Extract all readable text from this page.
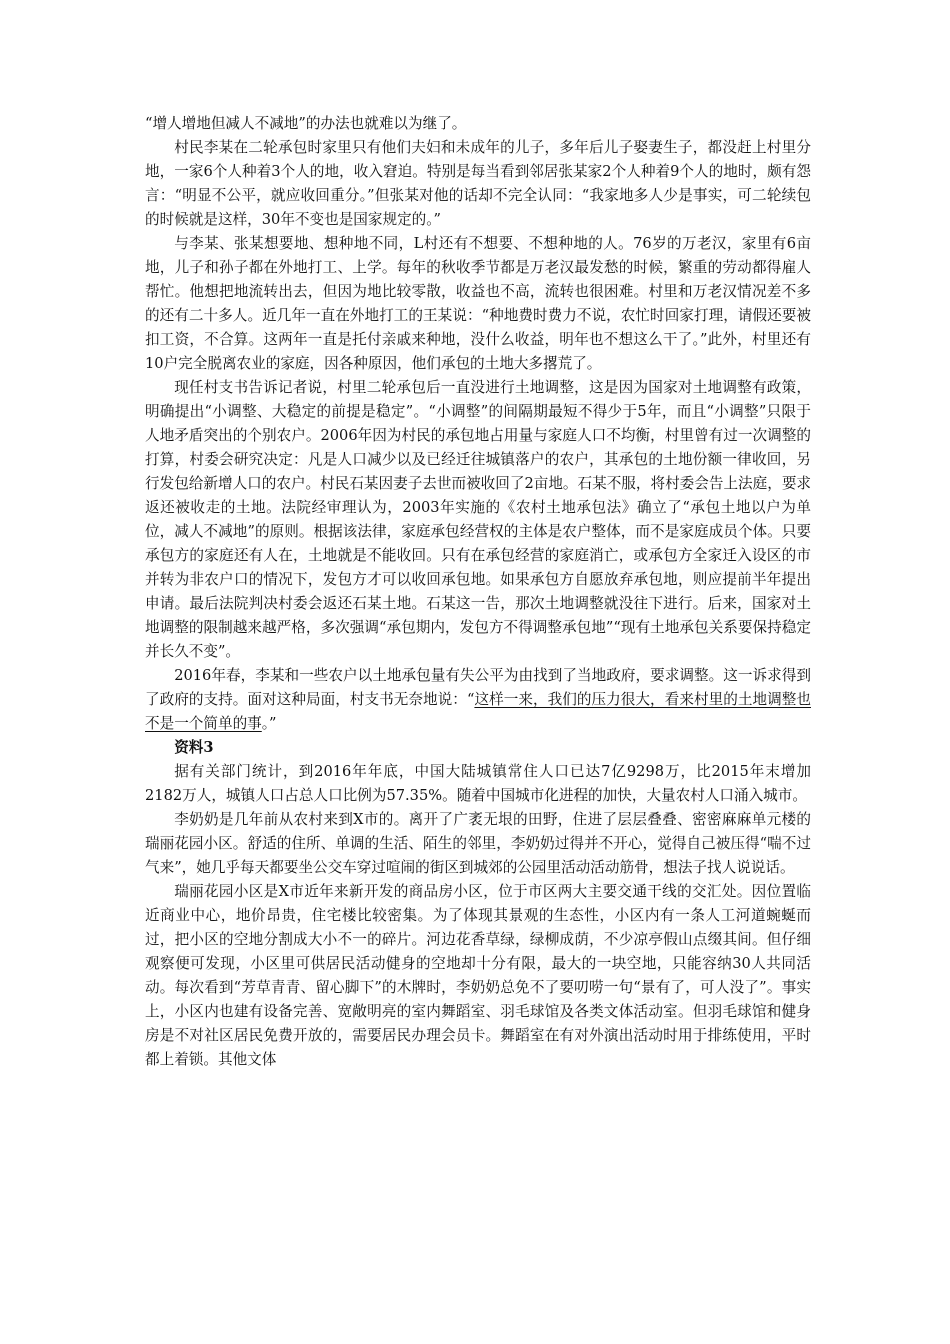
“增人增地但减人不减地”的办法也就难以为继了。

村民李某在二轮承包时家里只有他们夫妇和未成年的儿子，多年后儿子娶妻生子，都没赶上村里分地，一家6个人种着3个人的地，收入窘迫。特别是每当看到邻居张某家2个人种着9个人的地时，颇有怨言：“明显不公平，就应收回重分。”但张某对他的话却不完全认同：“我家地多人少是事实，可二轮续包的时候就是这样，30年不变也是国家规定的。”

与李某、张某想要地、想种地不同，L村还有不想要、不想种地的人。76岁的万老汉，家里有6亩地，儿子和孙子都在外地打工、上学。每年的秋收季节都是万老汉最发愁的时候，繁重的劳动都得雇人帮忙。他想把地流转出去，但因为地比较零散，收益也不高，流转也很困难。村里和万老汉情况差不多的还有二十多人。近几年一直在外地打工的王某说：“种地费时费力不说，农忙时回家打理，请假还要被扣工资，不合算。这两年一直是托付亲戚来种地，没什么收益，明年也不想这么干了。”此外，村里还有10户完全脱离农业的家庭，因各种原因，他们承包的土地大多撂荒了。

现任村支书告诉记者说，村里二轮承包后一直没进行土地调整，这是因为国家对土地调整有政策，明确提出“小调整、大稳定的前提是稳定”。“小调整”的间隔期最短不得少于5年，而且“小调整”只限于人地矛盾突出的个别农户。2006年因为村民的承包地占用量与家庭人口不均衡，村里曾有过一次调整的打算，村委会研究决定：凡是人口减少以及已经迁往城镇落户的农户，其承包的土地份额一律收回，另行发包给新增人口的农户。村民石某因妻子去世而被收回了2亩地。石某不服，将村委会告上法庭，要求返还被收走的土地。法院经审理认为，2003年实施的《农村土地承包法》确立了“承包土地以户为单位，减人不减地”的原则。根据该法律，家庭承包经营权的主体是农户整体，而不是家庭成员个体。只要承包方的家庭还有人在，土地就是不能收回。只有在承包经营的家庭消亡，或承包方全家迁入设区的市并转为非农户口的情况下，发包方才可以收回承包地。如果承包方自愿放弃承包地，则应提前半年提出申请。最后法院判决村委会返还石某土地。石某这一告，那次土地调整就没往下进行。后来，国家对土地调整的限制越来越严格，多次强调“承包期内，发包方不得调整承包地”“现有土地承包关系要保持稳定并长久不变”。

2016年春，李某和一些农户以土地承包量有失公平为由找到了当地政府，要求调整。这一诉求得到了政府的支持。面对这种局面，村支书无奈地说：“这样一来，我们的压力很大，看来村里的土地调整也不是一个简单的事。”

资料3

据有关部门统计，到2016年年底，中国大陆城镇常住人口已达7亿9298万，比2015年末增加2182万人，城镇人口占总人口比例为57.35%。随着中国城市化进程的加快，大量农村人口涌入城市。

李奶奶是几年前从农村来到X市的。离开了广袤无垠的田野，住进了层层叠叠、密密麻麻单元楼的瑞丽花园小区。舒适的住所、单调的生活、陌生的邻里，李奶奶过得并不开心，觉得自己被压得“喘不过气来”，她几乎每天都要坐公交车穿过喧闹的街区到城郊的公园里活动活动筋骨，想法子找人说说话。

瑞丽花园小区是X市近年来新开发的商品房小区，位于市区两大主要交通干线的交汇处。因位置临近商业中心，地价昂贵，住宅楼比较密集。为了体现其景观的生态性，小区内有一条人工河道蜿蜒而过，把小区的空地分割成大小不一的碎片。河边花香草绿，绿柳成荫，不少凉亭假山点缀其间。但仔细观察便可发现，小区里可供居民活动健身的空地却十分有限，最大的一块空地，只能容纳30人共同活动。每次看到“芳草青青、留心脚下”的木牌时，李奶奶总免不了要叨唠一句“景有了，可人没了”。事实上，小区内也建有设备完善、宽敞明亮的室内舞蹈室、羽毛球馆及各类文体活动室。但羽毛球馆和健身房是不对社区居民免费开放的，需要居民办理会员卡。舞蹈室在有对外演出活动时用于排练使用，平时都上着锁。其他文体
